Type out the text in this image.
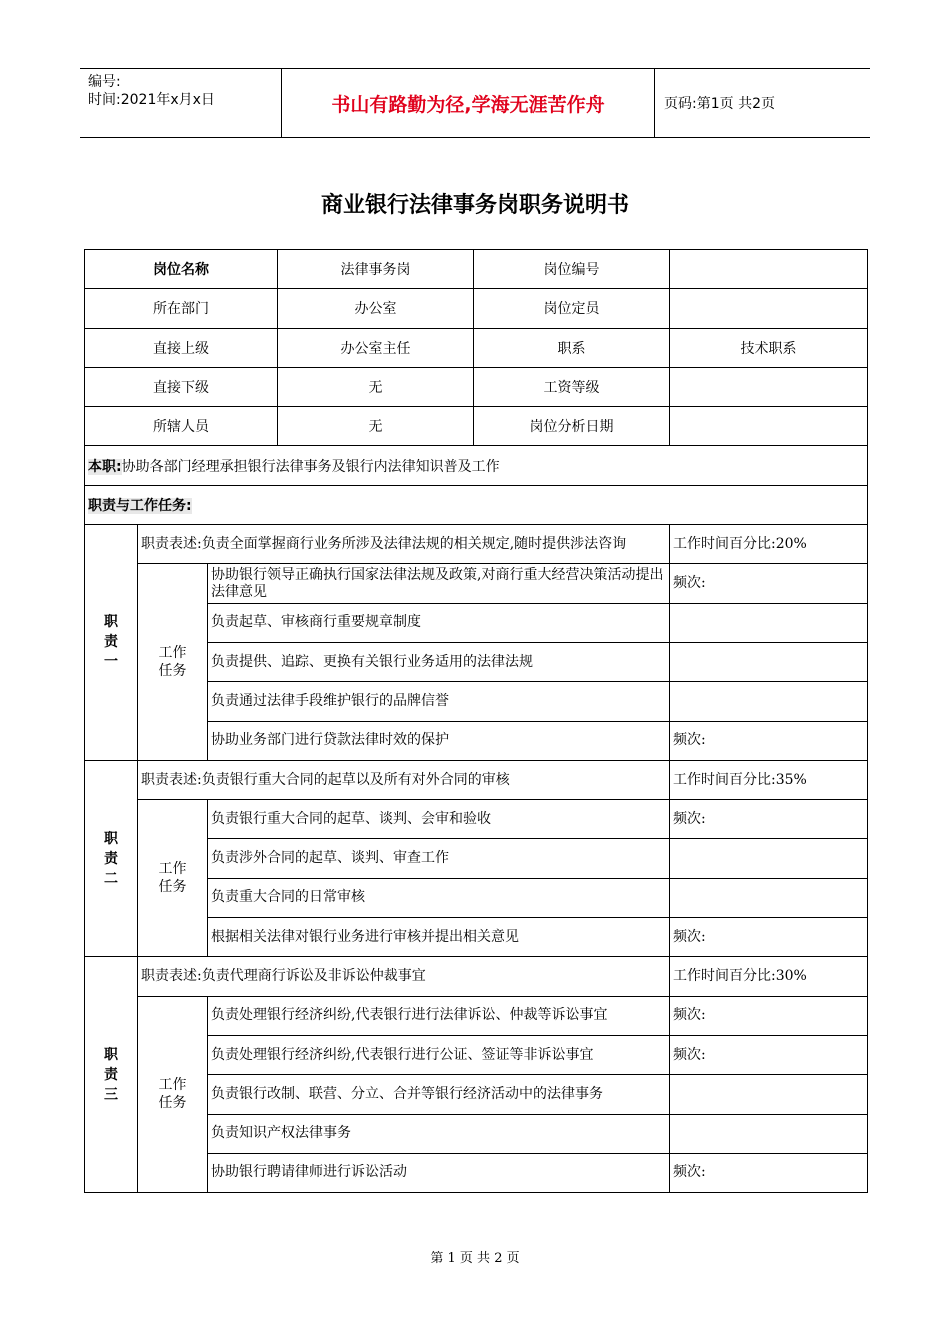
编号:
时间:2021年x月x日	书山有路勤为径,学海无涯苦作舟	页码:第1页 共2页
商业银行法律事务岗职务说明书
岗位名称			法律事务岗	岗位编号	
所在部门			办公室	岗位定员	
直接上级			办公室主任	职系	技术职系
直接下级			无	工资等级	
所辖人员			无	岗位分析日期	
本职:协助各部门经理承担银行法律事务及银行内法律知识普及工作					
职责与工作任务:					
职责一	职责表述:负责全面掌握商行业务所涉及法律法规的相关规定,随时提供涉法咨询				工作时间百分比:20%
	工作任务	协助银行领导正确执行国家法律法规及政策,对商行重大经营决策活动提出法律意见			频次:
		负责起草、审核商行重要规章制度			
		负责提供、追踪、更换有关银行业务适用的法律法规			
		负责通过法律手段维护银行的品牌信誉			
		协助业务部门进行贷款法律时效的保护			频次:
职责二	职责表述:负责银行重大合同的起草以及所有对外合同的审核				工作时间百分比:35%
	工作任务	负责银行重大合同的起草、谈判、会审和验收			频次:
		负责涉外合同的起草、谈判、审查工作			
		负责重大合同的日常审核			
		根据相关法律对银行业务进行审核并提出相关意见			频次:
职责三	职责表述:负责代理商行诉讼及非诉讼仲裁事宜				工作时间百分比:30%
	工作任务	负责处理银行经济纠纷,代表银行进行法律诉讼、仲裁等诉讼事宜			频次:
		负责处理银行经济纠纷,代表银行进行公证、签证等非诉讼事宜			频次:
		负责银行改制、联营、分立、合并等银行经济活动中的法律事务			
		负责知识产权法律事务			
		协助银行聘请律师进行诉讼活动			频次:
第 1 页 共 2 页
